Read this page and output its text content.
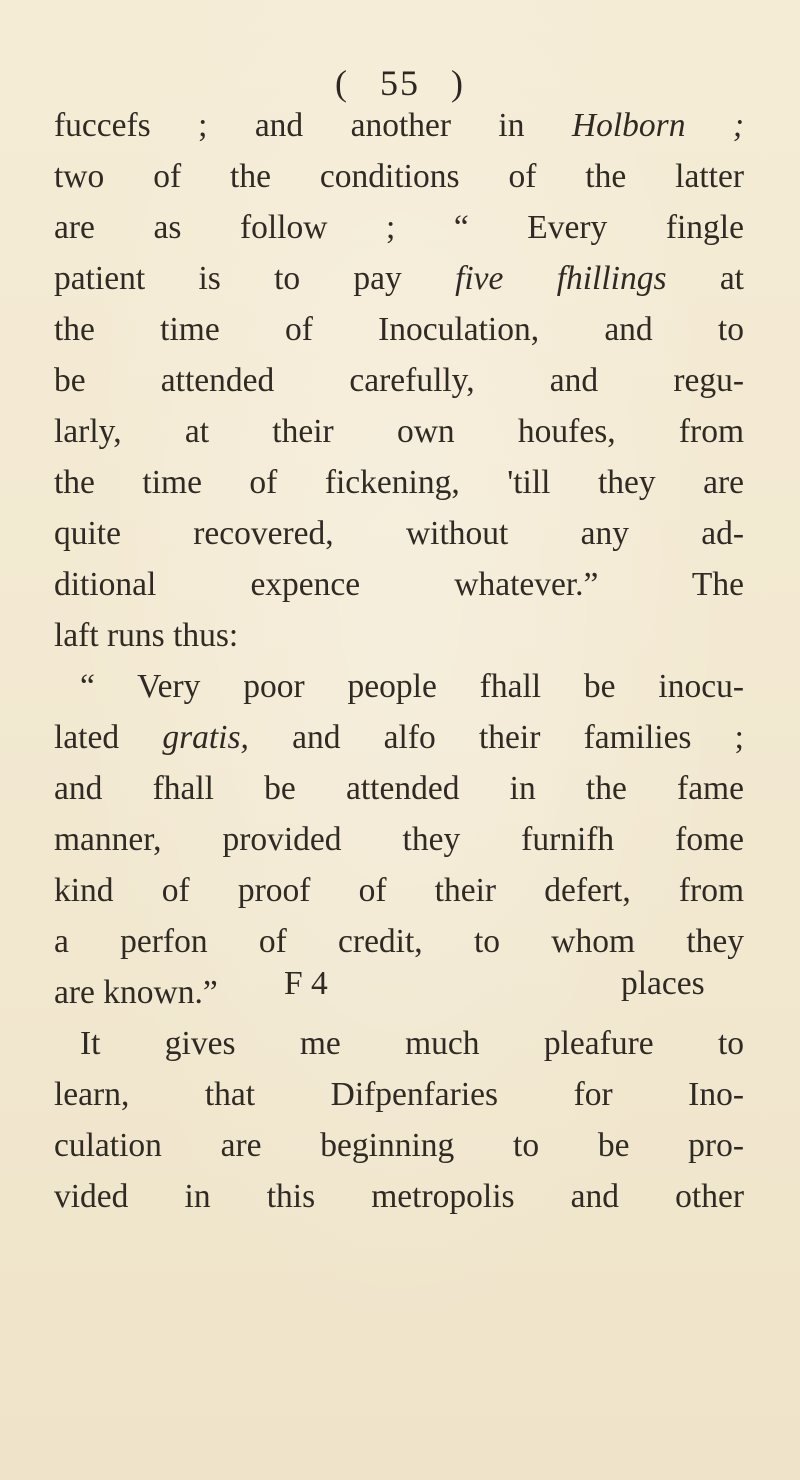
( 55 )
fuccefs ; and another in Holborn ;
two of the conditions of the latter
are as follow ; “ Every fingle
patient is to pay five fhillings at
the time of Inoculation, and to
be attended carefully, and regu-
larly, at their own houfes, from
the time of fickening, 'till they are
quite recovered, without any ad-
ditional expence whatever.” The
laft runs thus:
“ Very poor people fhall be inocu-
lated gratis, and alfo their families ;
and fhall be attended in the fame
manner, provided they furnifh fome
kind of proof of their defert, from
a perfon of credit, to whom they
are known.”
It gives me much pleafure to
learn, that Difpenfaries for Ino-
culation are beginning to be pro-
vided in this metropolis and other
F 4	places
